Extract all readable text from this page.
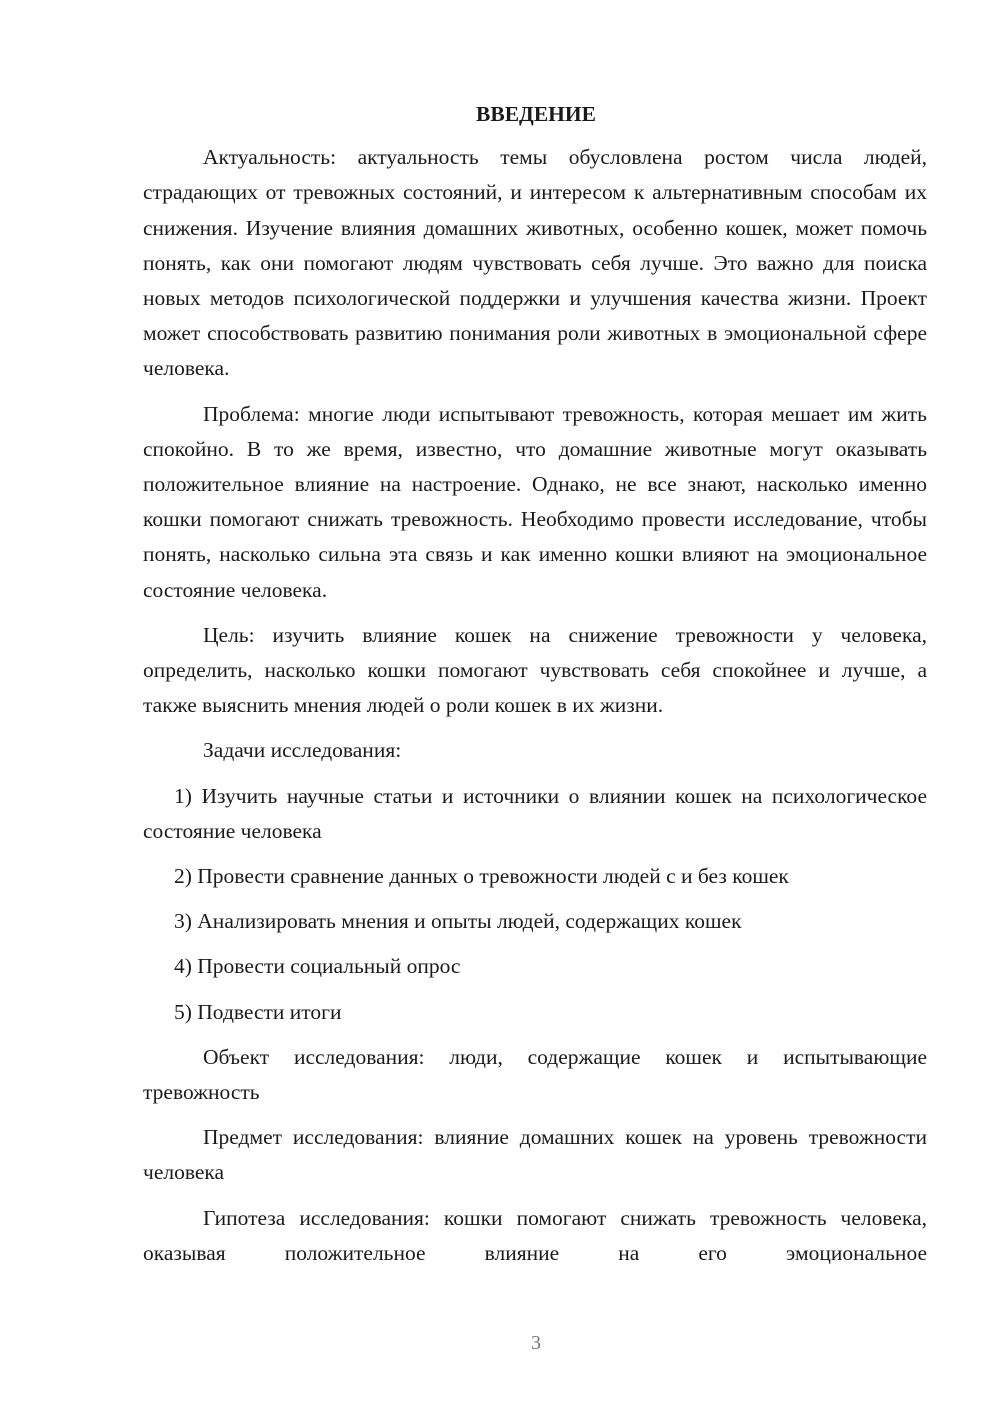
ВВЕДЕНИЕ

Актуальность: актуальность темы обусловлена ростом числа людей, страдающих от тревожных состояний, и интересом к альтернативным способам их снижения. Изучение влияния домашних животных, особенно кошек, может помочь понять, как они помогают людям чувствовать себя лучше. Это важно для поиска новых методов психологической поддержки и улучшения качества жизни. Проект может способствовать развитию понимания роли животных в эмоциональной сфере человека.

Проблема: многие люди испытывают тревожность, которая мешает им жить спокойно. В то же время, известно, что домашние животные могут оказывать положительное влияние на настроение. Однако, не все знают, насколько именно кошки помогают снижать тревожность. Необходимо провести исследование, чтобы понять, насколько сильна эта связь и как именно кошки влияют на эмоциональное состояние человека.

Цель: изучить влияние кошек на снижение тревожности у человека, определить, насколько кошки помогают чувствовать себя спокойнее и лучше, а также выяснить мнения людей о роли кошек в их жизни.

Задачи исследования:

1) Изучить научные статьи и источники о влиянии кошек на психологическое состояние человека

2) Провести сравнение данных о тревожности людей с и без кошек

3) Анализировать мнения и опыты людей, содержащих кошек

4) Провести социальный опрос

5) Подвести итоги

Объект исследования: люди, содержащие кошек и испытывающие тревожность

Предмет исследования: влияние домашних кошек на уровень тревожности человека

Гипотеза исследования: кошки помогают снижать тревожность человека, оказывая положительное влияние на его эмоциональное

3
